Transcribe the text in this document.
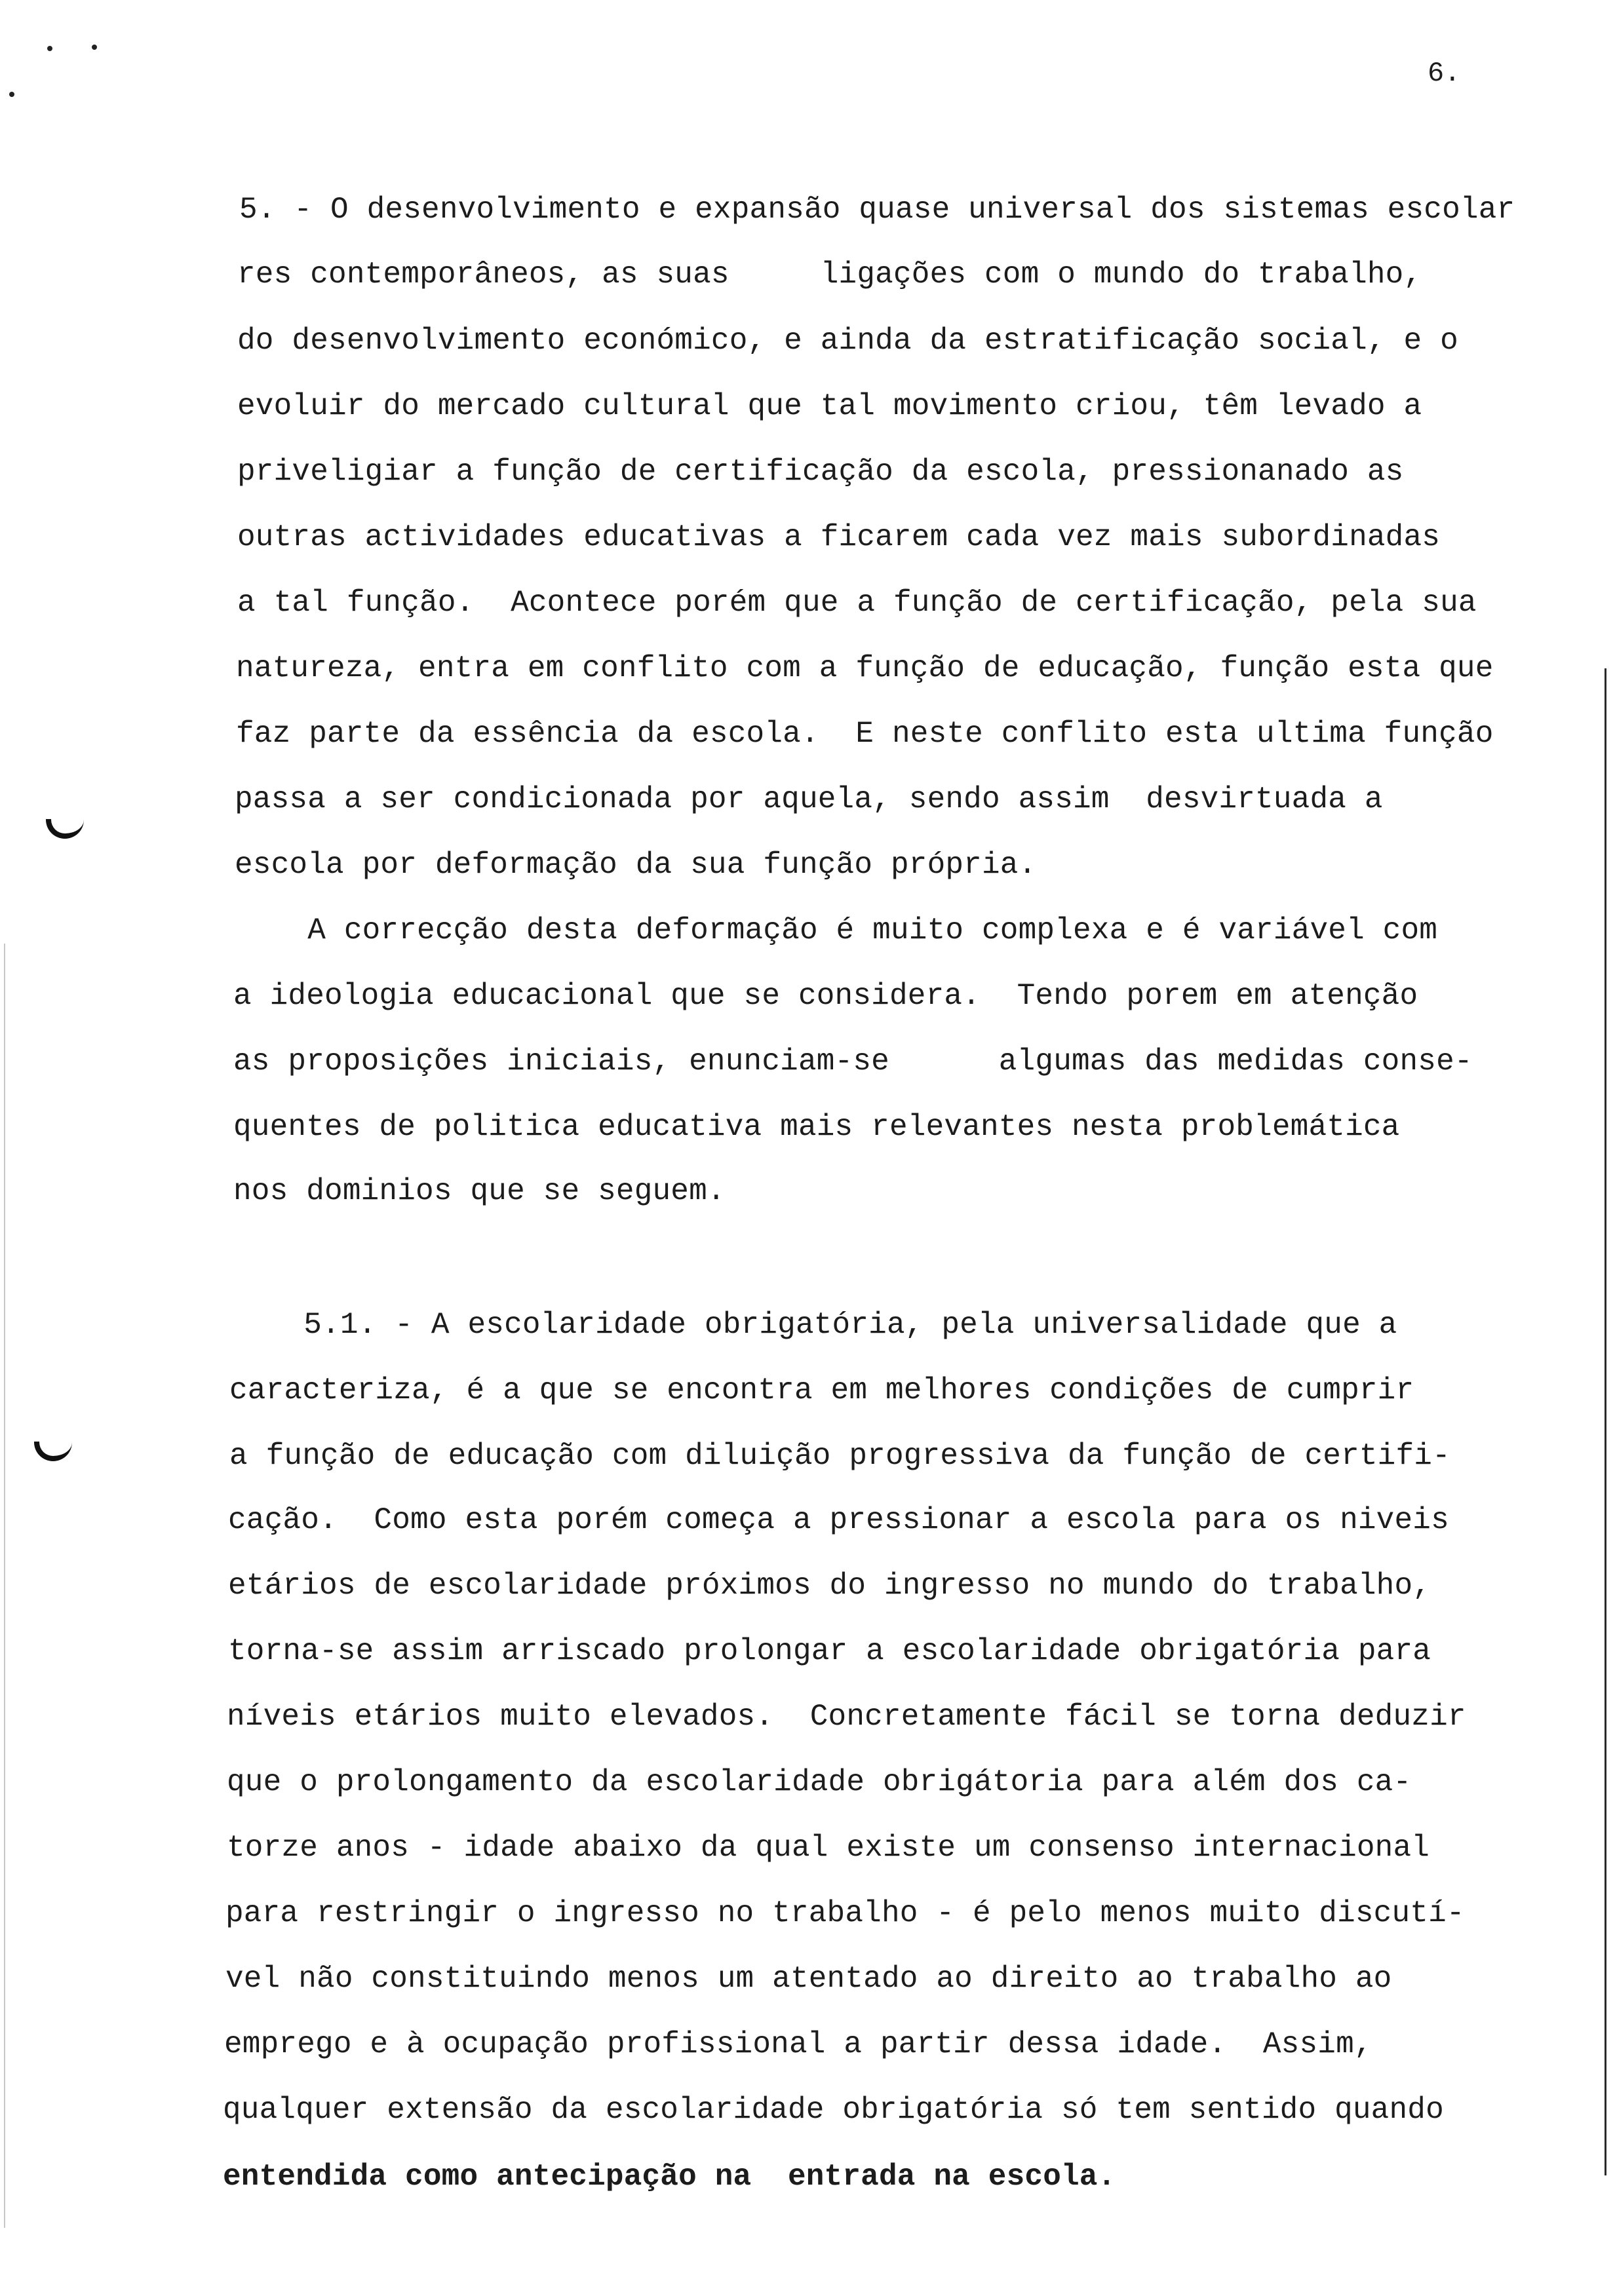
6.
5. - O desenvolvimento e expansão quase universal dos sistemas escolar
res contemporâneos, as suas     ligações com o mundo do trabalho,
do desenvolvimento económico, e ainda da estratificação social, e o
evoluir do mercado cultural que tal movimento criou, têm levado a
priveligiar a função de certificação da escola, pressionanado as
outras actividades educativas a ficarem cada vez mais subordinadas
a tal função.  Acontece porém que a função de certificação, pela sua
natureza, entra em conflito com a função de educação, função esta que
faz parte da essência da escola.  E neste conflito esta ultima função
passa a ser condicionada por aquela, sendo assim  desvirtuada a
escola por deformação da sua função própria.
A correcção desta deformação é muito complexa e é variável com
a ideologia educacional que se considera.  Tendo porem em atenção
as proposições iniciais, enunciam-se      algumas das medidas conse-
quentes de politica educativa mais relevantes nesta problemática
nos dominios que se seguem.
5.1. - A escolaridade obrigatória, pela universalidade que a
caracteriza, é a que se encontra em melhores condições de cumprir
a função de educação com diluição progressiva da função de certifi-
cação.  Como esta porém começa a pressionar a escola para os niveis
etários de escolaridade próximos do ingresso no mundo do trabalho,
torna-se assim arriscado prolongar a escolaridade obrigatória para
níveis etários muito elevados.  Concretamente fácil se torna deduzir
que o prolongamento da escolaridade obrigátoria para além dos ca-
torze anos - idade abaixo da qual existe um consenso internacional
para restringir o ingresso no trabalho - é pelo menos muito discutí-
vel não constituindo menos um atentado ao direito ao trabalho ao
emprego e à ocupação profissional a partir dessa idade.  Assim,
qualquer extensão da escolaridade obrigatória só tem sentido quando
entendida como antecipação na  entrada na escola.
